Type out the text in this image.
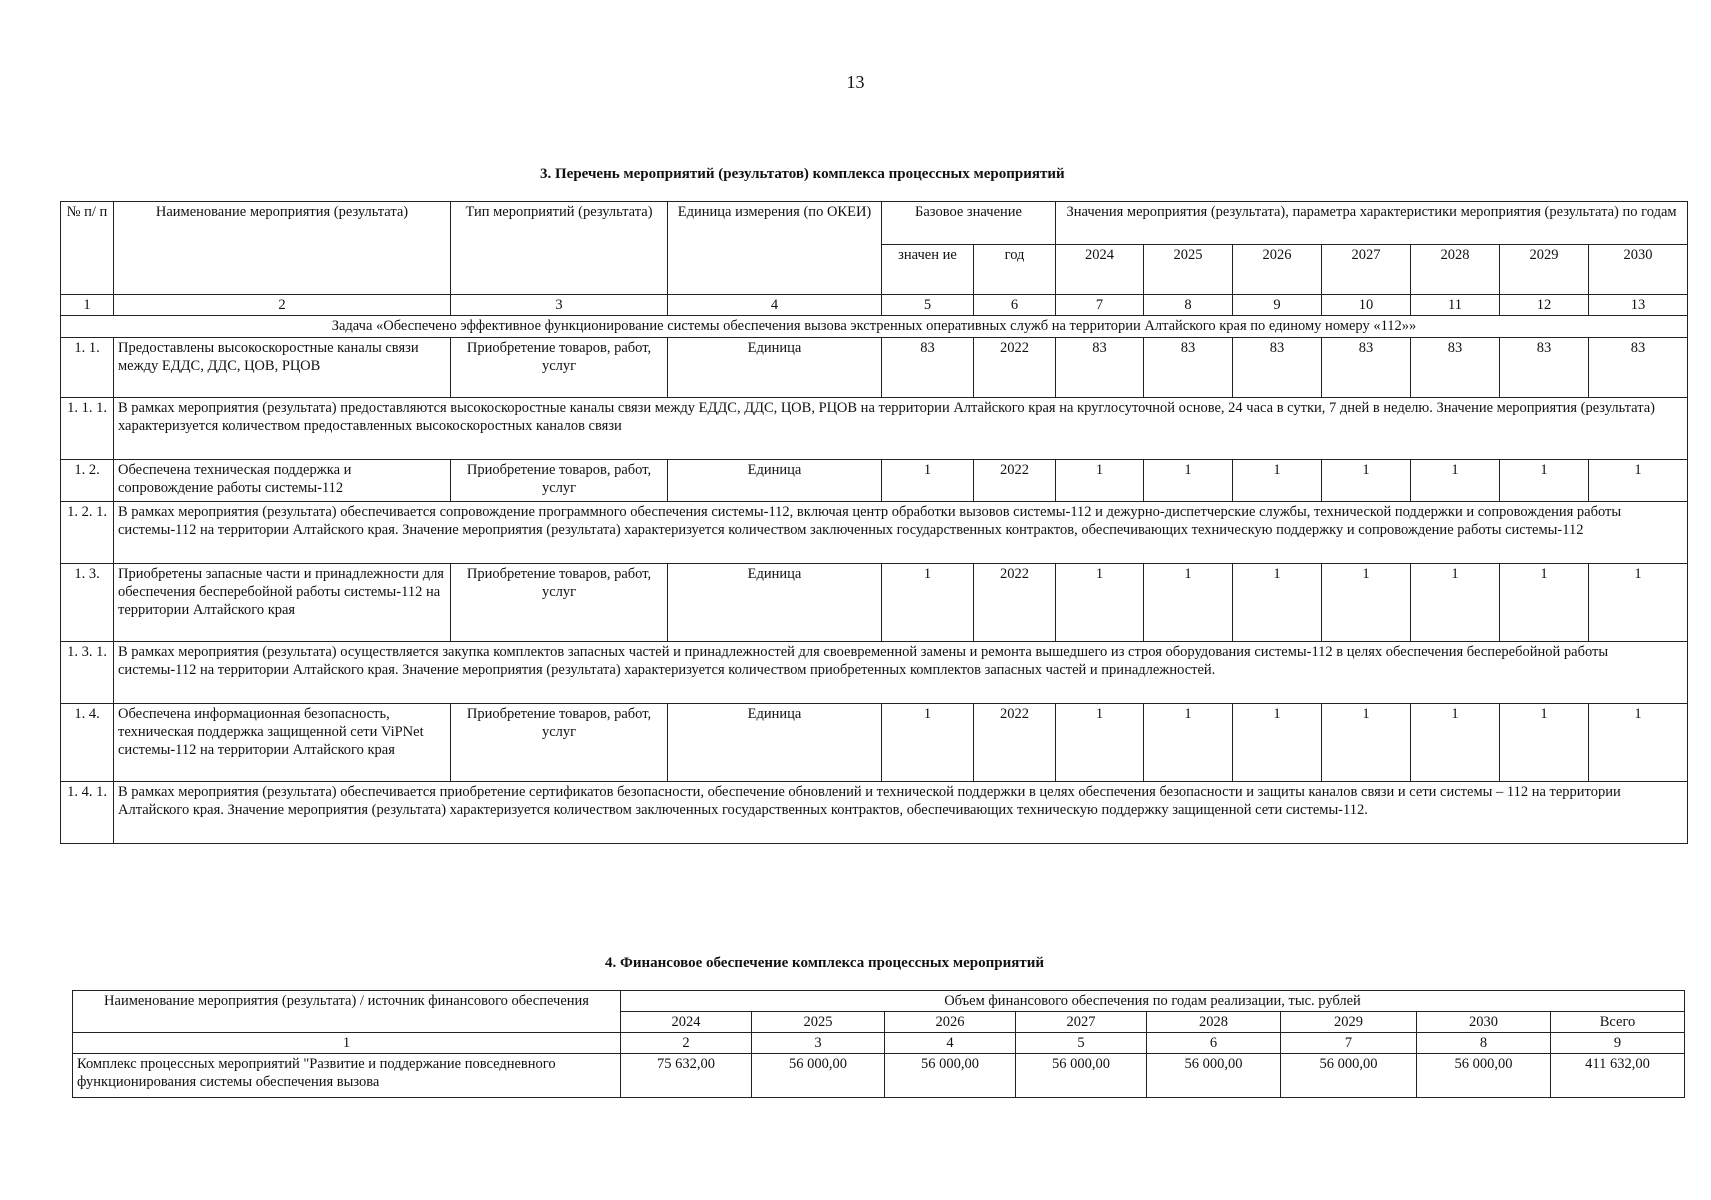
13
3. Перечень мероприятий (результатов) комплекса процессных мероприятий
№ п/ п	Наименование мероприятия (результата)	Тип мероприятий (результата)	Единица измерения (по ОКЕИ)	Базовое значение		Значения мероприятия (результата), параметра характеристики мероприятия (результата) по годам						
				значен ие	год	2024	2025	2026	2027	2028	2029	2030
1	2	3	4	5	6	7	8	9	10	11	12	13
Задача «Обеспечено эффективное функционирование системы обеспечения вызова экстренных оперативных служб на территории Алтайского края по единому номеру «112»»												
1. 1.	Предоставлены высокоскоростные каналы связи между ЕДДС, ДДС, ЦОВ, РЦОВ	Приобретение товаров, работ, услуг	Единица	83	2022	83	83	83	83	83	83	83
1. 1. 1.	В рамках мероприятия (результата) предоставляются высокоскоростные каналы связи между ЕДДС, ДДС, ЦОВ, РЦОВ на территории Алтайского края на круглосуточной основе, 24 часа в сутки, 7 дней в неделю. Значение мероприятия (результата) характеризуется количеством предоставленных высокоскоростных каналов связи											
1. 2.	Обеспечена техническая поддержка и сопровождение работы системы-112	Приобретение товаров, работ, услуг	Единица	1	2022	1	1	1	1	1	1	1
1. 2. 1.	В рамках мероприятия (результата) обеспечивается сопровождение программного обеспечения системы-112, включая центр обработки вызовов системы-112 и дежурно-диспетчерские службы, технической поддержки и сопровождения работы системы-112 на территории Алтайского края. Значение мероприятия (результата) характеризуется количеством заключенных государственных контрактов, обеспечивающих техническую поддержку и сопровождение работы системы-112											
1. 3.	Приобретены запасные части и принадлежности для обеспечения бесперебойной работы системы-112 на территории Алтайского края	Приобретение товаров, работ, услуг	Единица	1	2022	1	1	1	1	1	1	1
1. 3. 1.	В рамках мероприятия (результата) осуществляется закупка комплектов запасных частей и принадлежностей для своевременной замены и ремонта вышедшего из строя оборудования системы-112 в целях обеспечения бесперебойной работы системы-112 на территории Алтайского края. Значение мероприятия (результата) характеризуется количеством приобретенных комплектов запасных частей и принадлежностей.											
1. 4.	Обеспечена информационная безопасность, техническая поддержка защищенной сети ViPNet системы-112 на территории Алтайского края	Приобретение товаров, работ, услуг	Единица	1	2022	1	1	1	1	1	1	1
1. 4. 1.	В рамках мероприятия (результата) обеспечивается приобретение сертификатов безопасности, обеспечение обновлений и технической поддержки в целях обеспечения безопасности и защиты каналов связи и сети системы – 112 на территории Алтайского края. Значение мероприятия (результата) характеризуется количеством заключенных государственных контрактов, обеспечивающих техническую поддержку защищенной сети системы-112.											
4. Финансовое обеспечение комплекса процессных мероприятий
Наименование мероприятия (результата) / источник финансового обеспечения	Объем финансового обеспечения по годам реализации, тыс. рублей							
	2024	2025	2026	2027	2028	2029	2030	Всего
1	2	3	4	5	6	7	8	9
Комплекс процессных мероприятий "Развитие и поддержание повседневного функционирования системы обеспечения вызова	75 632,00	56 000,00	56 000,00	56 000,00	56 000,00	56 000,00	56 000,00	411 632,00
